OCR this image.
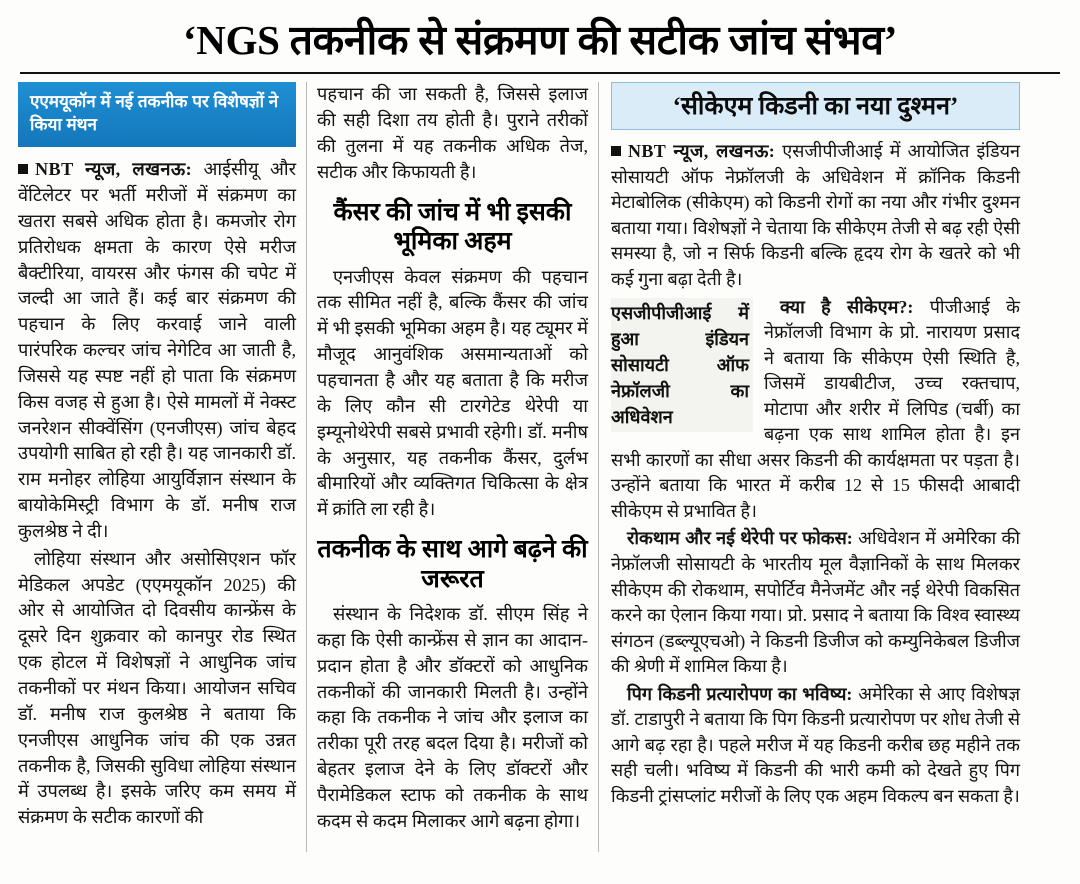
‘NGS तकनीक से संक्रमण की सटीक जांच संभव’
एएमयूकॉन में नई तकनीक पर विशेषज्ञों ने किया मंथन

NBT न्यूज, लखनऊ: आईसीयू और वेंटिलेटर पर भर्ती मरीजों में संक्रमण का खतरा सबसे अधिक होता है। कमजोर रोग प्रतिरोधक क्षमता के कारण ऐसे मरीज बैक्टीरिया, वायरस और फंगस की चपेट में जल्दी आ जाते हैं। कई बार संक्रमण की पहचान के लिए करवाई जाने वाली पारंपरिक कल्चर जांच नेगेटिव आ जाती है, जिससे यह स्पष्ट नहीं हो पाता कि संक्रमण किस वजह से हुआ है। ऐसे मामलों में नेक्स्ट जनरेशन सीक्वेंसिंग (एनजीएस) जांच बेहद उपयोगी साबित हो रही है। यह जानकारी डॉ. राम मनोहर लोहिया आयुर्विज्ञान संस्थान के बायोकेमिस्ट्री विभाग के डॉ. मनीष राज कुलश्रेष्ठ ने दी।

लोहिया संस्थान और असोसिएशन फॉर मेडिकल अपडेट (एएमयूकॉन 2025) की ओर से आयोजित दो दिवसीय कान्फ्रेंस के दूसरे दिन शुक्रवार को कानपुर रोड स्थित एक होटल में विशेषज्ञों ने आधुनिक जांच तकनीकों पर मंथन किया। आयोजन सचिव डॉ. मनीष राज कुलश्रेष्ठ ने बताया कि एनजीएस आधुनिक जांच की एक उन्नत तकनीक है, जिसकी सुविधा लोहिया संस्थान में उपलब्ध है। इसके जरिए कम समय में संक्रमण के सटीक कारणों की

पहचान की जा सकती है, जिससे इलाज की सही दिशा तय होती है। पुराने तरीकों की तुलना में यह तकनीक अधिक तेज, सटीक और किफायती है।

कैंसर की जांच में भी इसकी भूमिका अहम

एनजीएस केवल संक्रमण की पहचान तक सीमित नहीं है, बल्कि कैंसर की जांच में भी इसकी भूमिका अहम है। यह ट्यूमर में मौजूद आनुवंशिक असमान्यताओं को पहचानता है और यह बताता है कि मरीज के लिए कौन सी टारगेटेड थेरेपी या इम्यूनोथेरेपी सबसे प्रभावी रहेगी। डॉ. मनीष के अनुसार, यह तकनीक कैंसर, दुर्लभ बीमारियों और व्यक्तिगत चिकित्सा के क्षेत्र में क्रांति ला रही है।

तकनीक के साथ आगे बढ़ने की जरूरत

संस्थान के निदेशक डॉ. सीएम सिंह ने कहा कि ऐसी कान्फ्रेंस से ज्ञान का आदान-प्रदान होता है और डॉक्टरों को आधुनिक तकनीकों की जानकारी मिलती है। उन्होंने कहा कि तकनीक ने जांच और इलाज का तरीका पूरी तरह बदल दिया है। मरीजों को बेहतर इलाज देने के लिए डॉक्टरों और पैरामेडिकल स्टाफ को तकनीक के साथ कदम से कदम मिलाकर आगे बढ़ना होगा।

‘सीकेएम किडनी का नया दुश्मन’

NBT न्यूज, लखनऊ: एसजीपीजीआई में आयोजित इंडियन सोसायटी ऑफ नेफ्रॉलजी के अधिवेशन में क्रॉनिक किडनी मेटाबोलिक (सीकेएम) को किडनी रोगों का नया और गंभीर दुश्मन बताया गया। विशेषज्ञों ने चेताया कि सीकेएम तेजी से बढ़ रही ऐसी समस्या है, जो न सिर्फ किडनी बल्कि हृदय रोग के खतरे को भी कई गुना बढ़ा देती है।

एसजीपीजीआई में हुआ इंडियन सोसायटी ऑफ नेफ्रॉलजी का अधिवेशन

क्या है सीकेएम?: पीजीआई के नेफ्रॉलजी विभाग के प्रो. नारायण प्रसाद ने बताया कि सीकेएम ऐसी स्थिति है, जिसमें डायबीटीज, उच्च रक्तचाप, मोटापा और शरीर में लिपिड (चर्बी) का बढ़ना एक साथ शामिल होता है। इन सभी कारणों का सीधा असर किडनी की कार्यक्षमता पर पड़ता है। उन्होंने बताया कि भारत में करीब 12 से 15 फीसदी आबादी सीकेएम से प्रभावित है।

रोकथाम और नई थेरेपी पर फोकस: अधिवेशन में अमेरिका की नेफ्रॉलजी सोसायटी के भारतीय मूल वैज्ञानिकों के साथ मिलकर सीकेएम की रोकथाम, सपोर्टिव मैनेजमेंट और नई थेरेपी विकसित करने का ऐलान किया गया। प्रो. प्रसाद ने बताया कि विश्व स्वास्थ्य संगठन (डब्ल्यूएचओ) ने किडनी डिजीज को कम्युनिकेबल डिजीज की श्रेणी में शामिल किया है।

पिग किडनी प्रत्यारोपण का भविष्य: अमेरिका से आए विशेषज्ञ डॉ. टाडापुरी ने बताया कि पिग किडनी प्रत्यारोपण पर शोध तेजी से आगे बढ़ रहा है। पहले मरीज में यह किडनी करीब छह महीने तक सही चली। भविष्य में किडनी की भारी कमी को देखते हुए पिग किडनी ट्रांसप्लांट मरीजों के लिए एक अहम विकल्प बन सकता है।
